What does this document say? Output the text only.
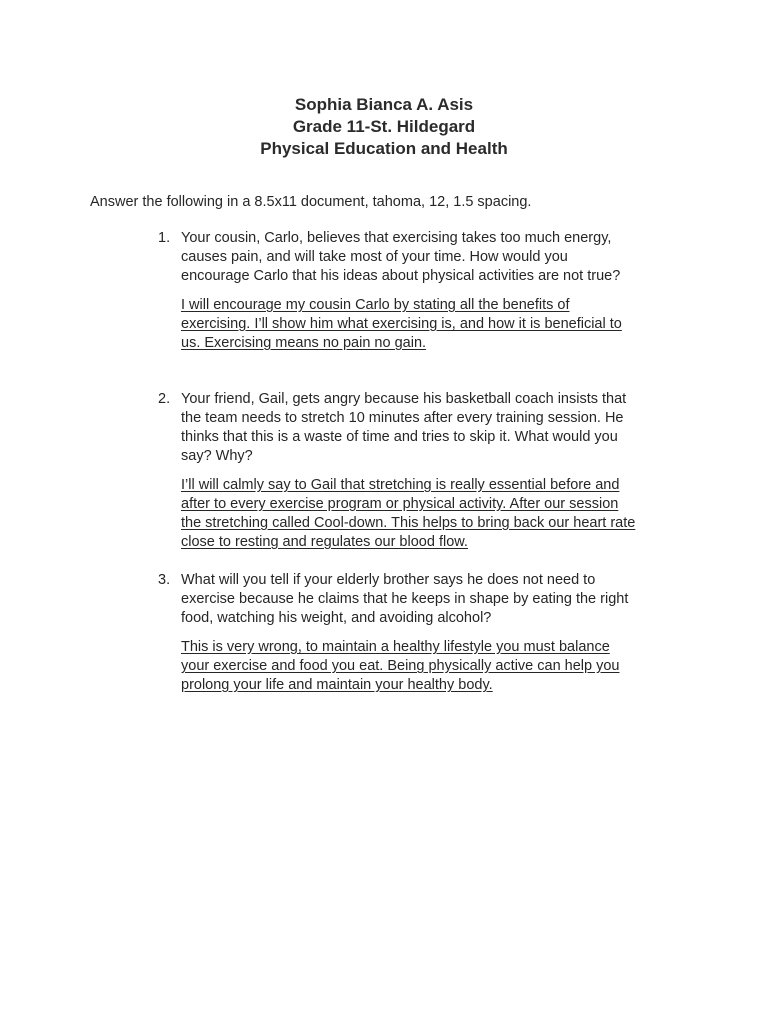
Sophia Bianca A. Asis
Grade 11-St. Hildegard
Physical Education and Health
Answer the following in a 8.5x11 document, tahoma, 12, 1.5 spacing.
1. Your cousin, Carlo, believes that exercising takes too much energy, causes pain, and will take most of your time. How would you encourage Carlo that his ideas about physical activities are not true?
I will encourage my cousin Carlo by stating all the benefits of exercising. I’ll show him what exercising is, and how it is beneficial to us. Exercising means no pain no gain.
2. Your friend, Gail, gets angry because his basketball coach insists that the team needs to stretch 10 minutes after every training session. He thinks that this is a waste of time and tries to skip it. What would you say? Why?
I’ll will calmly say to Gail that stretching is really essential before and after to every exercise program or physical activity. After our session the stretching called Cool-down. This helps to bring back our heart rate close to resting and regulates our blood flow.
3. What will you tell if your elderly brother says he does not need to exercise because he claims that he keeps in shape by eating the right food, watching his weight, and avoiding alcohol?
This is very wrong, to maintain a healthy lifestyle you must balance your exercise and food you eat. Being physically active can help you prolong your life and maintain your healthy body.
